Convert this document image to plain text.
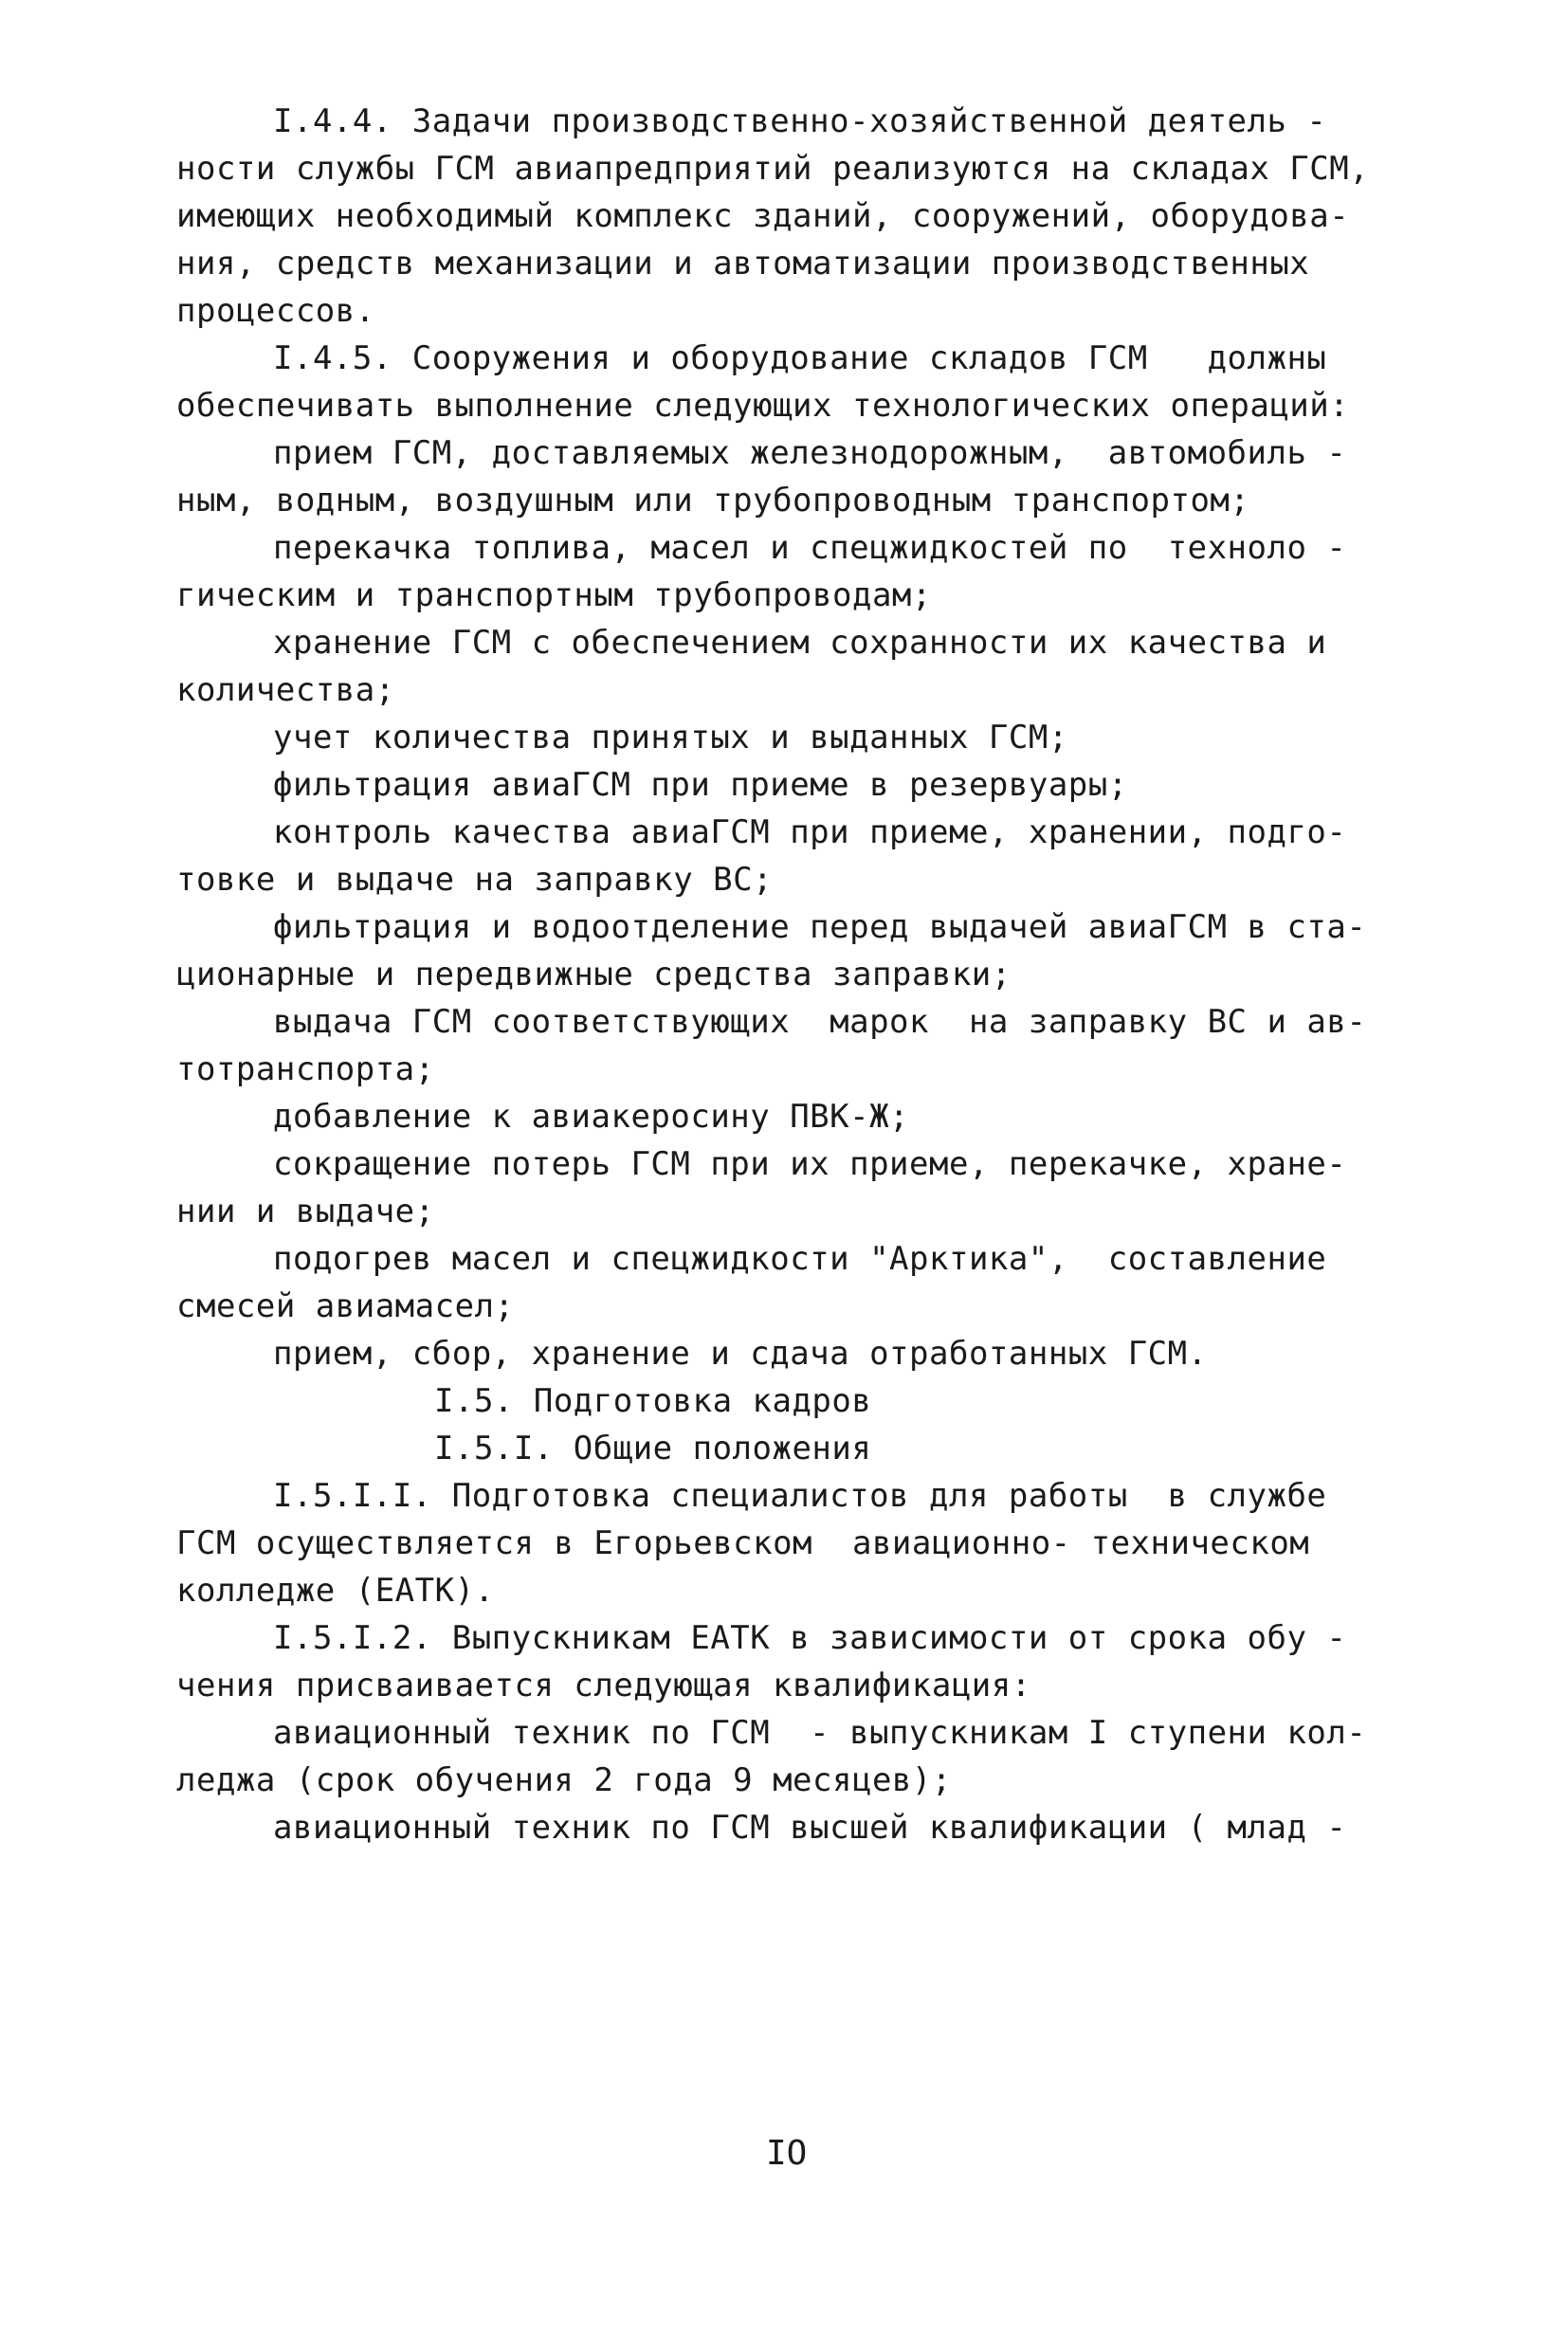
I.4.4. Задачи производственно-хозяйственной деятель -
ности службы ГСМ авиапредприятий реализуются на складах ГСМ,
имеющих необходимый комплекс зданий, сооружений, оборудова-
ния, средств механизации и автоматизации производственных
процессов.
I.4.5. Сооружения и оборудование складов ГСМ   должны
обеспечивать выполнение следующих технологических операций:
прием ГСМ, доставляемых железнодорожным,  автомобиль -
ным, водным, воздушным или трубопроводным транспортом;
перекачка топлива, масел и спецжидкостей по  техноло -
гическим и транспортным трубопроводам;
хранение ГСМ с обеспечением сохранности их качества и
количества;
учет количества принятых и выданных ГСМ;
фильтрация авиаГСМ при приеме в резервуары;
контроль качества авиаГСМ при приеме, хранении, подго-
товке и выдаче на заправку ВС;
фильтрация и водоотделение перед выдачей авиаГСМ в ста-
ционарные и передвижные средства заправки;
выдача ГСМ соответствующих  марок  на заправку ВС и ав-
тотранспорта;
добавление к авиакеросину ПВК-Ж;
сокращение потерь ГСМ при их приеме, перекачке, хране-
нии и выдаче;
подогрев масел и спецжидкости "Арктика",  составление
смесей авиамасел;
прием, сбор, хранение и сдача отработанных ГСМ.
I.5. Подготовка кадров
I.5.I. Общие положения
I.5.I.I. Подготовка специалистов для работы  в службе
ГСМ осуществляется в Егорьевском  авиационно- техническом
колледже (ЕАТК).
I.5.I.2. Выпускникам ЕАТК в зависимости от срока обу -
чения присваивается следующая квалификация:
авиационный техник по ГСМ  - выпускникам I ступени кол-
леджа (срок обучения 2 года 9 месяцев);
авиационный техник по ГСМ высшей квалификации ( млад -
IO
